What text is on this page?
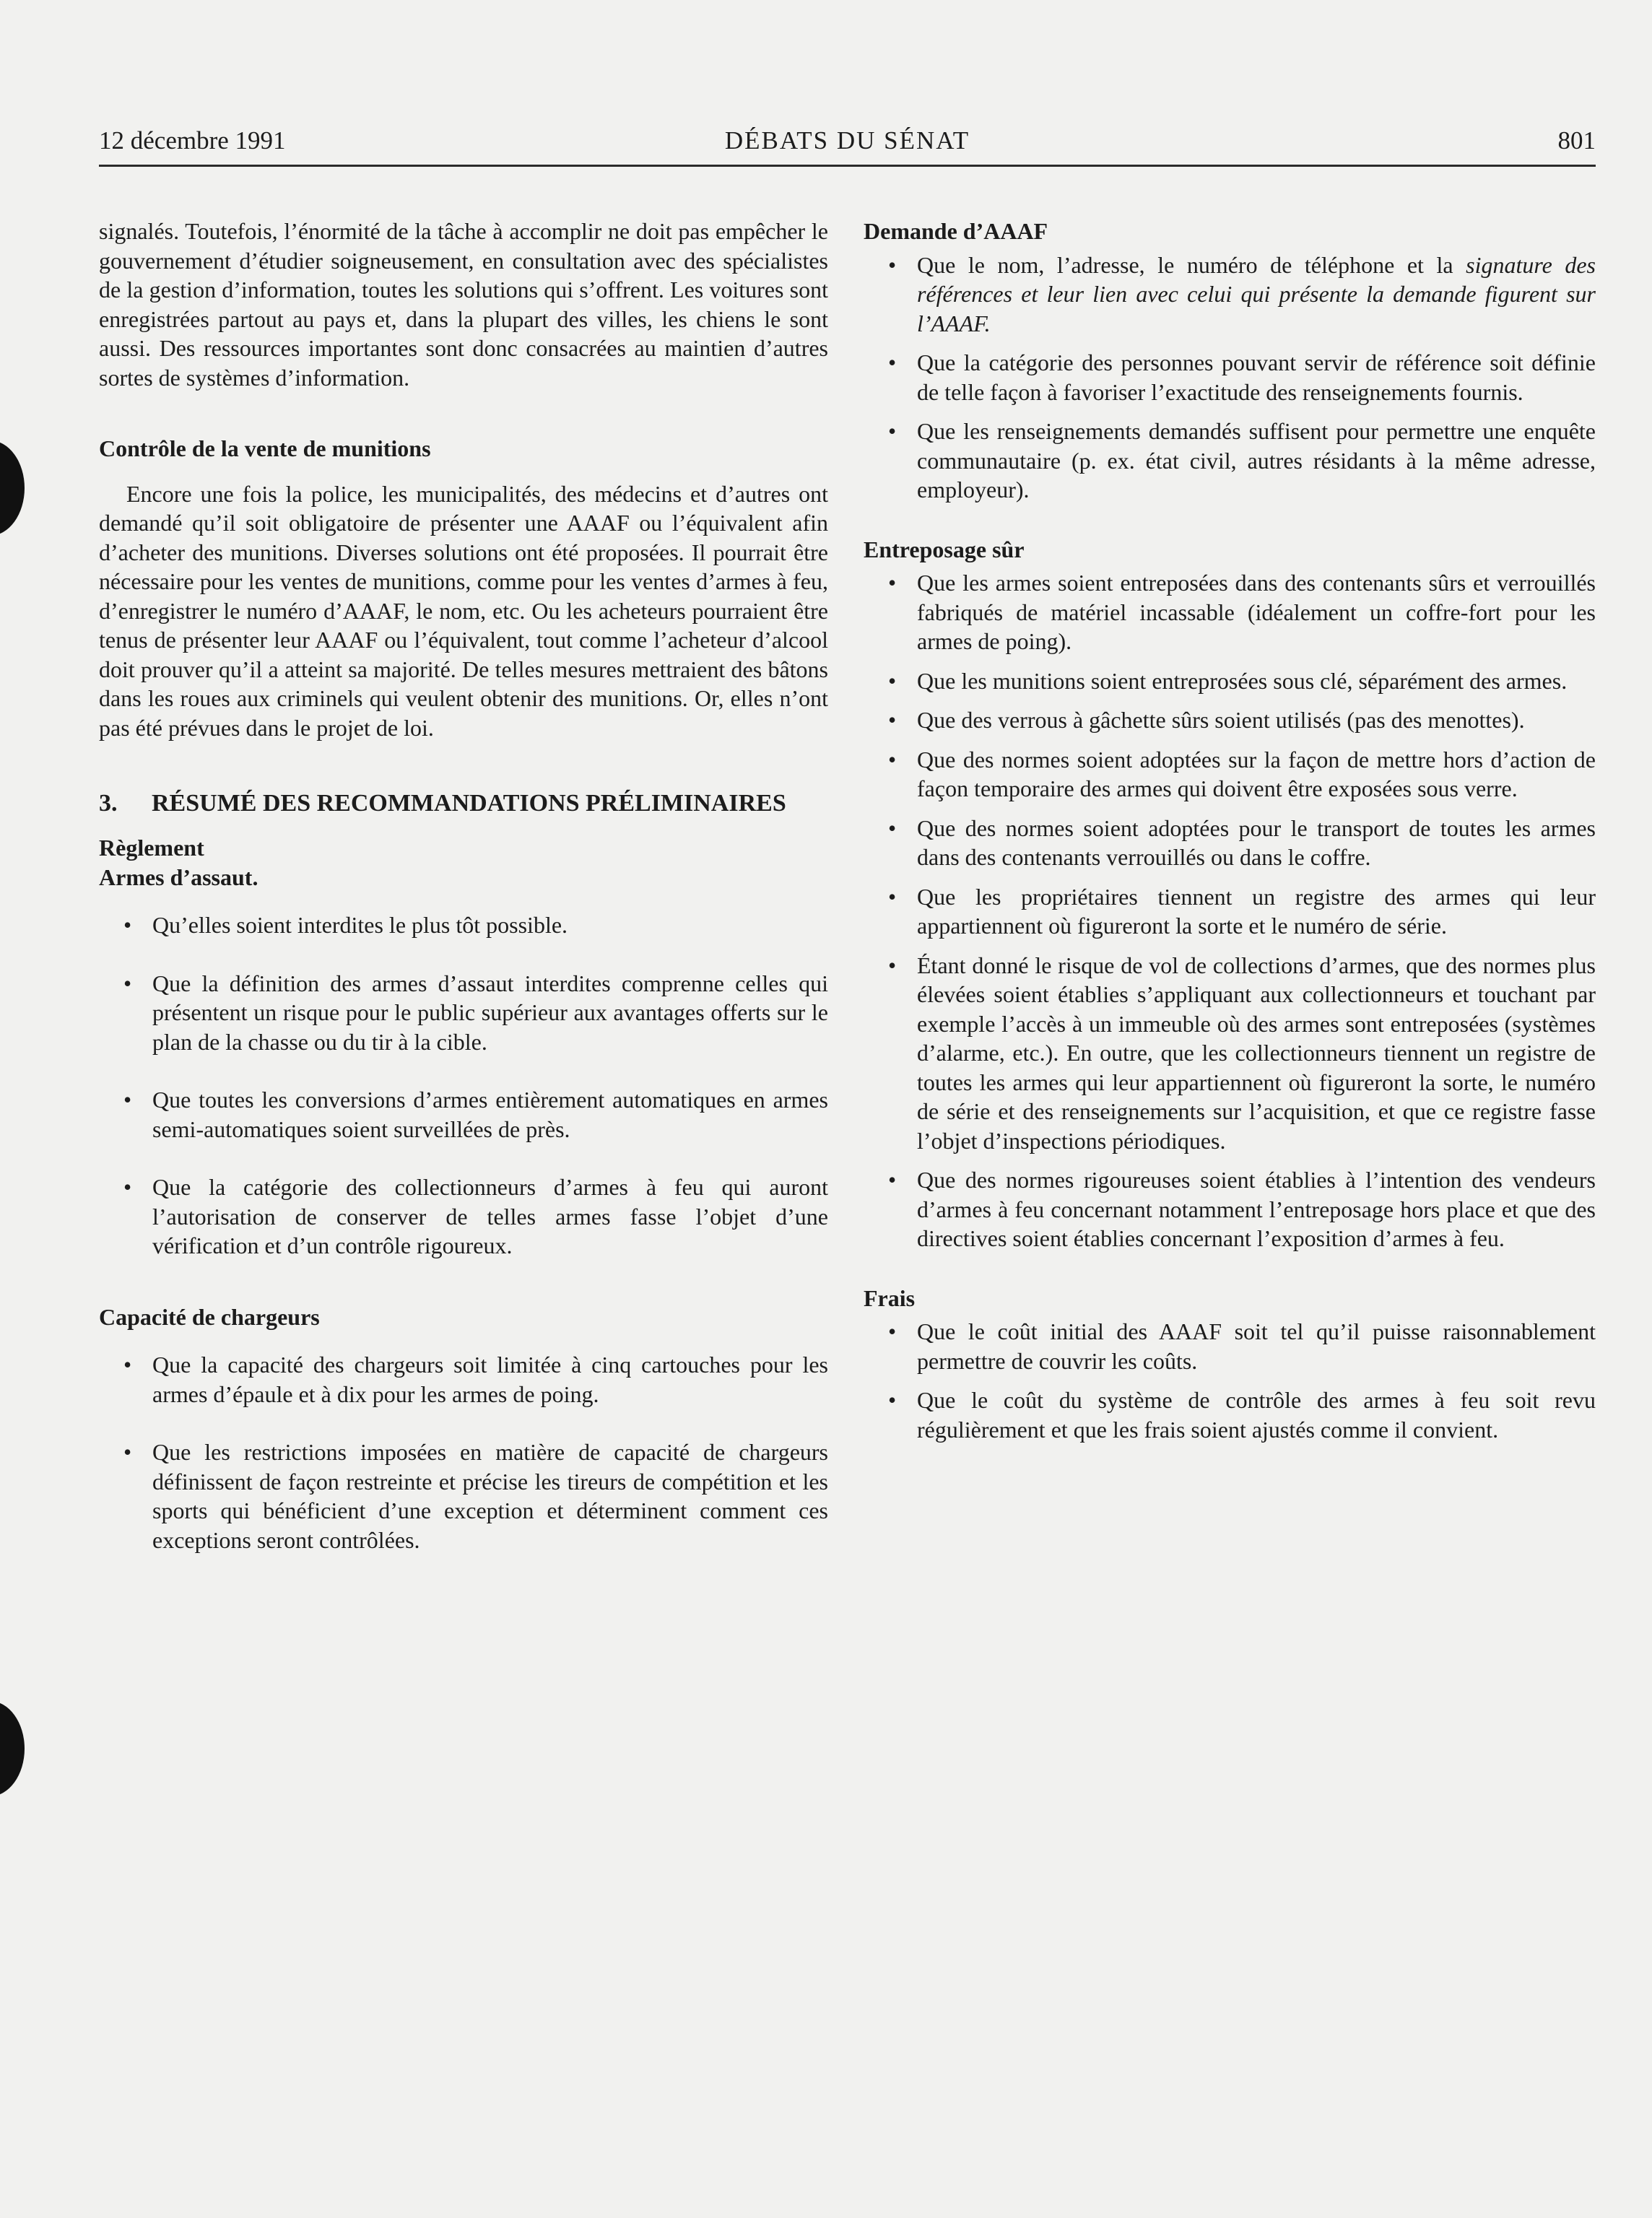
12 décembre 1991	DÉBATS DU SÉNAT	801

signalés. Toutefois, l’énormité de la tâche à accomplir ne doit pas empêcher le gouvernement d’étudier soigneusement, en consultation avec des spécialistes de la gestion d’information, toutes les solutions qui s’offrent. Les voitures sont enregistrées partout au pays et, dans la plupart des villes, les chiens le sont aussi. Des ressources importantes sont donc consacrées au maintien d’autres sortes de systèmes d’information.

Contrôle de la vente de munitions

Encore une fois la police, les municipalités, des médecins et d’autres ont demandé qu’il soit obligatoire de présenter une AAAF ou l’équivalent afin d’acheter des munitions. Diverses solutions ont été proposées. Il pourrait être nécessaire pour les ventes de munitions, comme pour les ventes d’armes à feu, d’enregistrer le numéro d’AAAF, le nom, etc. Ou les acheteurs pourraient être tenus de présenter leur AAAF ou l’équivalent, tout comme l’acheteur d’alcool doit prouver qu’il a atteint sa majorité. De telles mesures mettraient des bâtons dans les roues aux criminels qui veulent obtenir des munitions. Or, elles n’ont pas été prévues dans le projet de loi.

3.	RÉSUMÉ DES RECOMMANDATIONS PRÉLIMINAIRES
Règlement
Armes d’assaut.
• Qu’elles soient interdites le plus tôt possible.
• Que la définition des armes d’assaut interdites comprenne celles qui présentent un risque pour le public supérieur aux avantages offerts sur le plan de la chasse ou du tir à la cible.
• Que toutes les conversions d’armes entièrement automatiques en armes semi-automatiques soient surveillées de près.
• Que la catégorie des collectionneurs d’armes à feu qui auront l’autorisation de conserver de telles armes fasse l’objet d’une vérification et d’un contrôle rigoureux.
Capacité de chargeurs
• Que la capacité des chargeurs soit limitée à cinq cartouches pour les armes d’épaule et à dix pour les armes de poing.
• Que les restrictions imposées en matière de capacité de chargeurs définissent de façon restreinte et précise les tireurs de compétition et les sports qui bénéficient d’une exception et déterminent comment ces exceptions seront contrôlées.
Demande d’AAAF
• Que le nom, l’adresse, le numéro de téléphone et la signature des références et leur lien avec celui qui présente la demande figurent sur l’AAAF.
• Que la catégorie des personnes pouvant servir de référence soit définie de telle façon à favoriser l’exactitude des renseignements fournis.
• Que les renseignements demandés suffisent pour permettre une enquête communautaire (p. ex. état civil, autres résidants à la même adresse, employeur).
Entreposage sûr
• Que les armes soient entreposées dans des contenants sûrs et verrouillés fabriqués de matériel incassable (idéalement un coffre-fort pour les armes de poing).
• Que les munitions soient entreprosées sous clé, séparément des armes.
• Que des verrous à gâchette sûrs soient utilisés (pas des menottes).
• Que des normes soient adoptées sur la façon de mettre hors d’action de façon temporaire des armes qui doivent être exposées sous verre.
• Que des normes soient adoptées pour le transport de toutes les armes dans des contenants verrouillés ou dans le coffre.
• Que les propriétaires tiennent un registre des armes qui leur appartiennent où figureront la sorte et le numéro de série.
• Étant donné le risque de vol de collections d’armes, que des normes plus élevées soient établies s’appliquant aux collectionneurs et touchant par exemple l’accès à un immeuble où des armes sont entreposées (systèmes d’alarme, etc.). En outre, que les collectionneurs tiennent un registre de toutes les armes qui leur appartiennent où figureront la sorte, le numéro de série et des renseignements sur l’acquisition, et que ce registre fasse l’objet d’inspections périodiques.
• Que des normes rigoureuses soient établies à l’intention des vendeurs d’armes à feu concernant notamment l’entreposage hors place et que des directives soient établies concernant l’exposition d’armes à feu.
Frais
• Que le coût initial des AAAF soit tel qu’il puisse raisonnablement permettre de couvrir les coûts.
• Que le coût du système de contrôle des armes à feu soit revu régulièrement et que les frais soient ajustés comme il convient.
